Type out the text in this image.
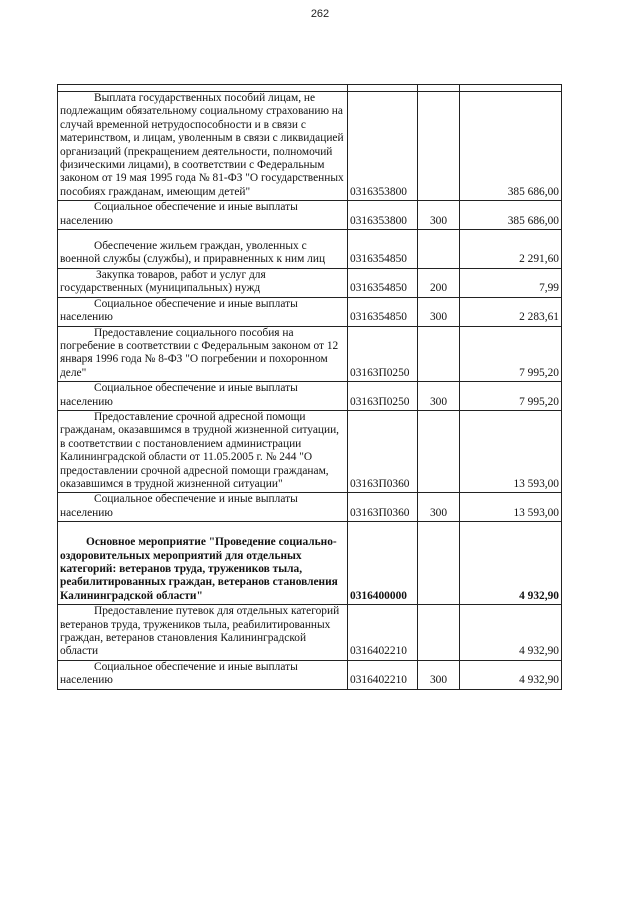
262

Выплата государственных пособий лицам, не подлежащим обязательному социальному страхованию на случай временной нетрудоспособности и в связи с материнством, и лицам, уволенным в связи с ликвидацией организаций (прекращением деятельности, полномочий физическими лицами), в соответствии с Федеральным законом от 19 мая 1995 года № 81-ФЗ "О государственных пособиях гражданам, имеющим детей"	0316353800		385 686,00

Социальное обеспечение и иные выплаты населению	0316353800	300	385 686,00

Обеспечение жильем граждан, уволенных с военной службы (службы), и приравненных к ним лиц	0316354850		2 291,60

Закупка товаров, работ и услуг для государственных (муниципальных) нужд	0316354850	200	7,99

Социальное обеспечение и иные выплаты населению	0316354850	300	2 283,61

Предоставление социального пособия на погребение в соответствии с Федеральным законом от 12 января 1996 года № 8-ФЗ "О погребении и похоронном деле"	03163П0250		7 995,20

Социальное обеспечение и иные выплаты населению	03163П0250	300	7 995,20

Предоставление срочной адресной помощи гражданам, оказавшимся в трудной жизненной ситуации, в соответствии с постановлением администрации Калининградской области от 11.05.2005 г. № 244 "О предоставлении срочной адресной помощи гражданам, оказавшимся в трудной жизненной ситуации"	03163П0360		13 593,00

Социальное обеспечение и иные выплаты населению	03163П0360	300	13 593,00

Основное мероприятие "Проведение социально-оздоровительных мероприятий для отдельных категорий: ветеранов труда, тружеников тыла, реабилитированных граждан, ветеранов становления Калининградской области"	0316400000		4 932,90

Предоставление путевок для отдельных категорий ветеранов труда, тружеников тыла, реабилитированных граждан, ветеранов становления Калининградской области	0316402210		4 932,90

Социальное обеспечение и иные выплаты населению	0316402210	300	4 932,90
